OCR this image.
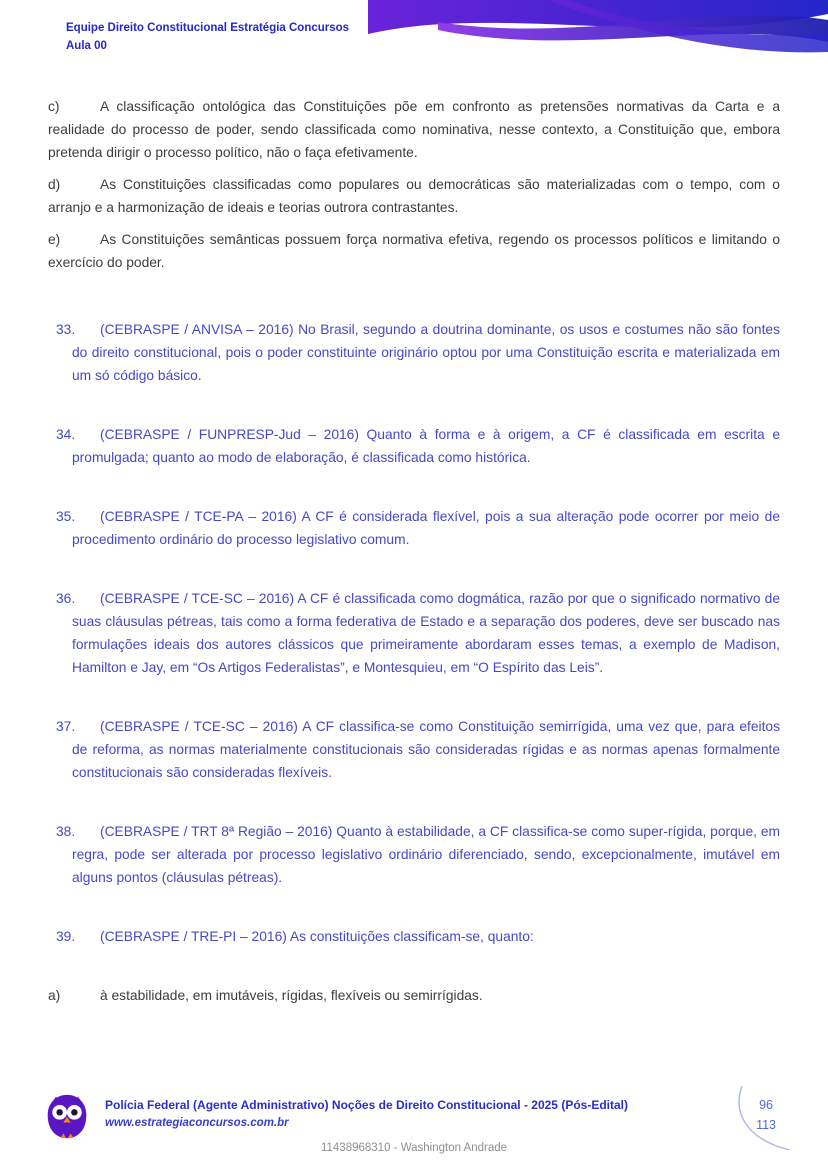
Equipe Direito Constitucional Estratégia Concursos
Aula 00

c)	A classificação ontológica das Constituições põe em confronto as pretensões normativas da Carta e a realidade do processo de poder, sendo classificada como nominativa, nesse contexto, a Constituição que, embora pretenda dirigir o processo político, não o faça efetivamente.

d)	As Constituições classificadas como populares ou democráticas são materializadas com o tempo, com o arranjo e a harmonização de ideais e teorias outrora contrastantes.

e)	As Constituições semânticas possuem força normativa efetiva, regendo os processos políticos e limitando o exercício do poder.

33. (CEBRASPE / ANVISA – 2016) No Brasil, segundo a doutrina dominante, os usos e costumes não são fontes do direito constitucional, pois o poder constituinte originário optou por uma Constituição escrita e materializada em um só código básico.
34. (CEBRASPE / FUNPRESP-Jud – 2016) Quanto à forma e à origem, a CF é classificada em escrita e promulgada; quanto ao modo de elaboração, é classificada como histórica.
35. (CEBRASPE / TCE-PA – 2016) A CF é considerada flexível, pois a sua alteração pode ocorrer por meio de procedimento ordinário do processo legislativo comum.
36. (CEBRASPE / TCE-SC – 2016) A CF é classificada como dogmática, razão por que o significado normativo de suas cláusulas pétreas, tais como a forma federativa de Estado e a separação dos poderes, deve ser buscado nas formulações ideais dos autores clássicos que primeiramente abordaram esses temas, a exemplo de Madison, Hamilton e Jay, em “Os Artigos Federalistas”, e Montesquieu, em “O Espírito das Leis”.
37. (CEBRASPE / TCE-SC – 2016) A CF classifica-se como Constituição semirrígida, uma vez que, para efeitos de reforma, as normas materialmente constitucionais são consideradas rígidas e as normas apenas formalmente constitucionais são consideradas flexíveis.
38. (CEBRASPE / TRT 8ª Região – 2016) Quanto à estabilidade, a CF classifica-se como super-rígida, porque, em regra, pode ser alterada por processo legislativo ordinário diferenciado, sendo, excepcionalmente, imutável em alguns pontos (cláusulas pétreas).
39. (CEBRASPE / TRE-PI – 2016) As constituições classificam-se, quanto:

a)	à estabilidade, em imutáveis, rígidas, flexíveis ou semirrígidas.

Polícia Federal (Agente Administrativo) Noções de Direito Constitucional - 2025 (Pós-Edital)
www.estrategiaconcursos.com.br
96
113
11438968310 - Washington Andrade
